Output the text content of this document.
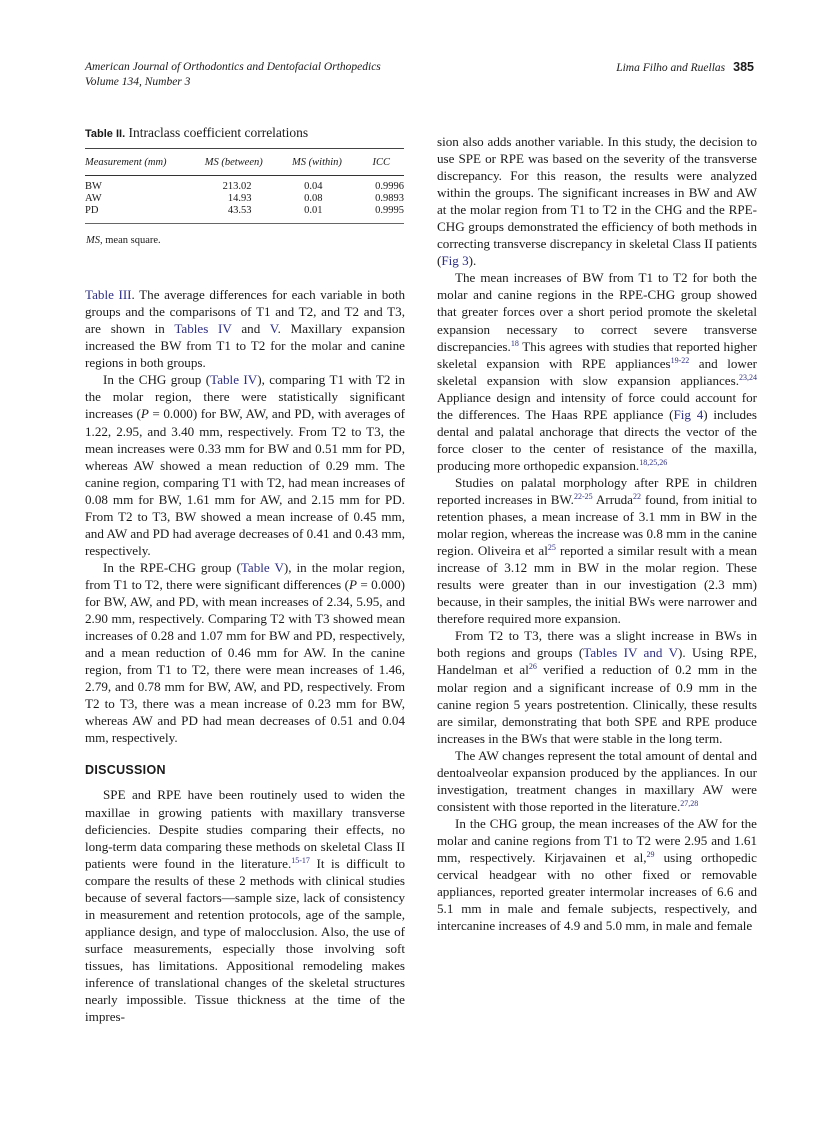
American Journal of Orthodontics and Dentofacial Orthopedics
Volume 134, Number 3
Lima Filho and Ruellas 385
Table II. Intraclass coefficient correlations
Measurement (mm)	MS (between)	MS (within)	ICC
BW	213.02	0.04	0.9996
AW	14.93	0.08	0.9893
PD	43.53	0.01	0.9995
MS, mean square.			

Table III. The average differences for each variable in both groups and the comparisons of T1 and T2, and T2 and T3, are shown in Tables IV and V. Maxillary expansion increased the BW from T1 to T2 for the molar and canine regions in both groups.

In the CHG group (Table IV), comparing T1 with T2 in the molar region, there were statistically significant increases (P = 0.000) for BW, AW, and PD, with averages of 1.22, 2.95, and 3.40 mm, respectively. From T2 to T3, the mean increases were 0.33 mm for BW and 0.51 mm for PD, whereas AW showed a mean reduction of 0.29 mm. The canine region, comparing T1 with T2, had mean increases of 0.08 mm for BW, 1.61 mm for AW, and 2.15 mm for PD. From T2 to T3, BW showed a mean increase of 0.45 mm, and AW and PD had average decreases of 0.41 and 0.43 mm, respectively.

In the RPE-CHG group (Table V), in the molar region, from T1 to T2, there were significant differences (P = 0.000) for BW, AW, and PD, with mean increases of 2.34, 5.95, and 2.90 mm, respectively. Comparing T2 with T3 showed mean increases of 0.28 and 1.07 mm for BW and PD, respectively, and a mean reduction of 0.46 mm for AW. In the canine region, from T1 to T2, there were mean increases of 1.46, 2.79, and 0.78 mm for BW, AW, and PD, respectively. From T2 to T3, there was a mean increase of 0.23 mm for BW, whereas AW and PD had mean decreases of 0.51 and 0.04 mm, respectively.

DISCUSSION

SPE and RPE have been routinely used to widen the maxillae in growing patients with maxillary transverse deficiencies. Despite studies comparing their effects, no long-term data comparing these methods on skeletal Class II patients were found in the literature.$^{15-17}$ It is difficult to compare the results of these 2 methods with clinical studies because of several factors—sample size, lack of consistency in measurement and retention protocols, age of the sample, appliance design, and type of malocclusion. Also, the use of surface measurements, especially those involving soft tissues, has limitations. Appositional remodeling makes inference of translational changes of the skeletal structures nearly impossible. Tissue thickness at the time of the impres-

sion also adds another variable. In this study, the decision to use SPE or RPE was based on the severity of the transverse discrepancy. For this reason, the results were analyzed within the groups. The significant increases in BW and AW at the molar region from T1 to T2 in the CHG and the RPE-CHG groups demonstrated the efficiency of both methods in correcting transverse discrepancy in skeletal Class II patients (Fig 3).

The mean increases of BW from T1 to T2 for both the molar and canine regions in the RPE-CHG group showed that greater forces over a short period promote the skeletal expansion necessary to correct severe transverse discrepancies.$^{18}$ This agrees with studies that reported higher skeletal expansion with RPE appliances$^{19-22}$ and lower skeletal expansion with slow expansion appliances.$^{23,24}$ Appliance design and intensity of force could account for the differences. The Haas RPE appliance (Fig 4) includes dental and palatal anchorage that directs the vector of the force closer to the center of resistance of the maxilla, producing more orthopedic expansion.$^{18,25,26}$

Studies on palatal morphology after RPE in children reported increases in BW.$^{22-25}$ Arruda$^{22}$ found, from initial to retention phases, a mean increase of 3.1 mm in BW in the molar region, whereas the increase was 0.8 mm in the canine region. Oliveira et al$^{25}$ reported a similar result with a mean increase of 3.12 mm in BW in the molar region. These results were greater than in our investigation (2.3 mm) because, in their samples, the initial BWs were narrower and therefore required more expansion.

From T2 to T3, there was a slight increase in BWs in both regions and groups (Tables IV and V). Using RPE, Handelman et al$^{26}$ verified a reduction of 0.2 mm in the molar region and a significant increase of 0.9 mm in the canine region 5 years postretention. Clinically, these results are similar, demonstrating that both SPE and RPE produce increases in the BWs that were stable in the long term.

The AW changes represent the total amount of dental and dentoalveolar expansion produced by the appliances. In our investigation, treatment changes in maxillary AW were consistent with those reported in the literature.$^{27,28}$

In the CHG group, the mean increases of the AW for the molar and canine regions from T1 to T2 were 2.95 and 1.61 mm, respectively. Kirjavainen et al,$^{29}$ using orthopedic cervical headgear with no other fixed or removable appliances, reported greater intermolar increases of 6.6 and 5.1 mm in male and female subjects, respectively, and intercanine increases of 4.9 and 5.0 mm, in male and female
